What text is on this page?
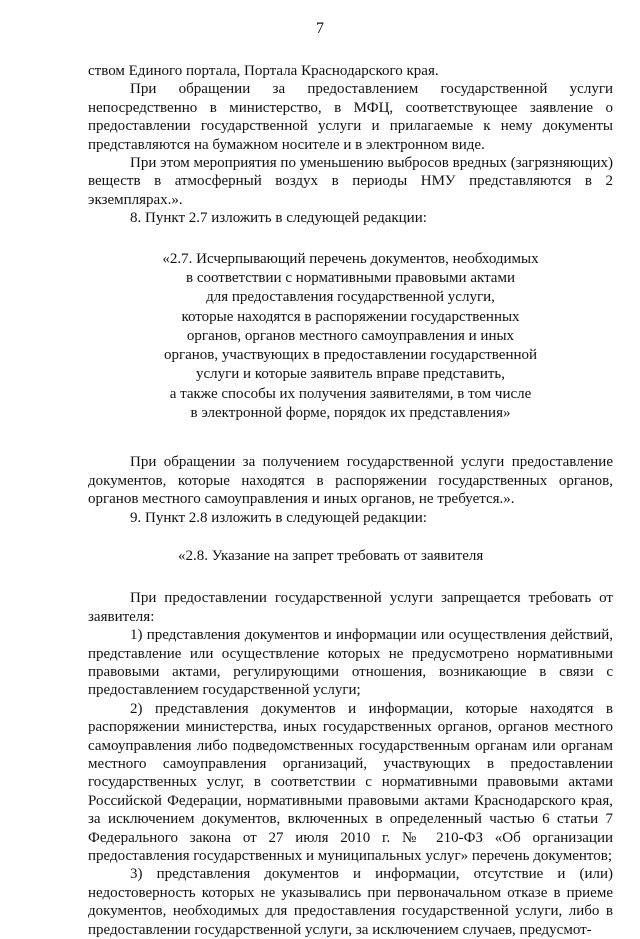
7

ством Единого портала, Портала Краснодарского края.

При обращении за предоставлением государственной услуги непосредственно в министерство, в МФЦ, соответствующее заявление о предоставлении государственной услуги и прилагаемые к нему документы представляются на бумажном носителе и в электронном виде.

При этом мероприятия по уменьшению выбросов вредных (загрязняющих) веществ в атмосферный воздух в периоды НМУ представляются в 2 экземплярах.».

8. Пункт 2.7 изложить в следующей редакции:

«2.7. Исчерпывающий перечень документов, необходимых
в соответствии с нормативными правовыми актами
для предоставления государственной услуги,
которые находятся в распоряжении государственных
органов, органов местного самоуправления и иных
органов, участвующих в предоставлении государственной
услуги и которые заявитель вправе представить,
а также способы их получения заявителями, в том числе
в электронной форме, порядок их представления»

При обращении за получением государственной услуги предоставление документов, которые находятся в распоряжении государственных органов, органов местного самоуправления и иных органов, не требуется.».

9. Пункт 2.8 изложить в следующей редакции:

«2.8. Указание на запрет требовать от заявителя

При предоставлении государственной услуги запрещается требовать от заявителя:

1) представления документов и информации или осуществления действий, представление или осуществление которых не предусмотрено нормативными правовыми актами, регулирующими отношения, возникающие в связи с предоставлением государственной услуги;

2) представления документов и информации, которые находятся в распоряжении министерства, иных государственных органов, органов местного самоуправления либо подведомственных государственным органам или органам местного самоуправления организаций, участвующих в предоставлении государственных услуг, в соответствии с нормативными правовыми актами Российской Федерации, нормативными правовыми актами Краснодарского края, за исключением документов, включенных в определенный частью 6 статьи 7 Федерального закона от 27 июля 2010 г. № 210-ФЗ «Об организации предоставления государственных и муниципальных услуг» перечень документов;

3) представления документов и информации, отсутствие и (или) недостоверность которых не указывались при первоначальном отказе в приеме документов, необходимых для предоставления государственной услуги, либо в предоставлении государственной услуги, за исключением случаев, предусмот-
